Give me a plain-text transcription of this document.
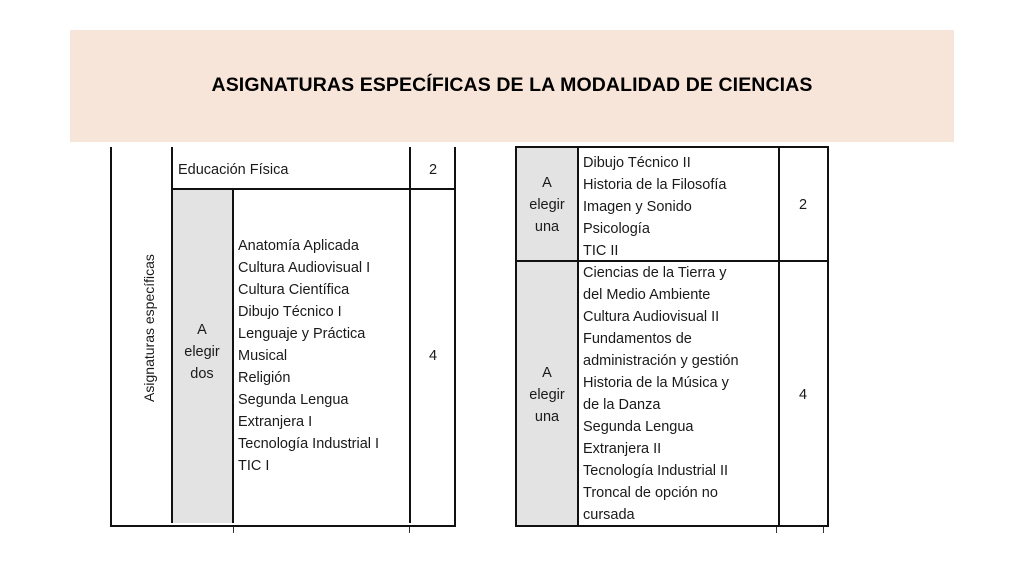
ASIGNATURAS ESPECÍFICAS DE LA MODALIDAD DE CIENCIAS
Asignaturas específicas
Educación Física	2
A
elegir
dos
Anatomía Aplicada
Cultura Audiovisual I
Cultura Científica
Dibujo Técnico I
Lenguaje y Práctica
Musical
Religión
Segunda Lengua
Extranjera I
Tecnología Industrial I
TIC I
4
A
elegir
una
Dibujo Técnico II
Historia de la Filosofía
Imagen y Sonido
Psicología
TIC II
2
A
elegir
una
Ciencias de la Tierra y
del Medio Ambiente
Cultura Audiovisual II
Fundamentos de
administración y gestión
Historia de la Música y
de la Danza
Segunda Lengua
Extranjera II
Tecnología Industrial II
Troncal de opción no
cursada
4
